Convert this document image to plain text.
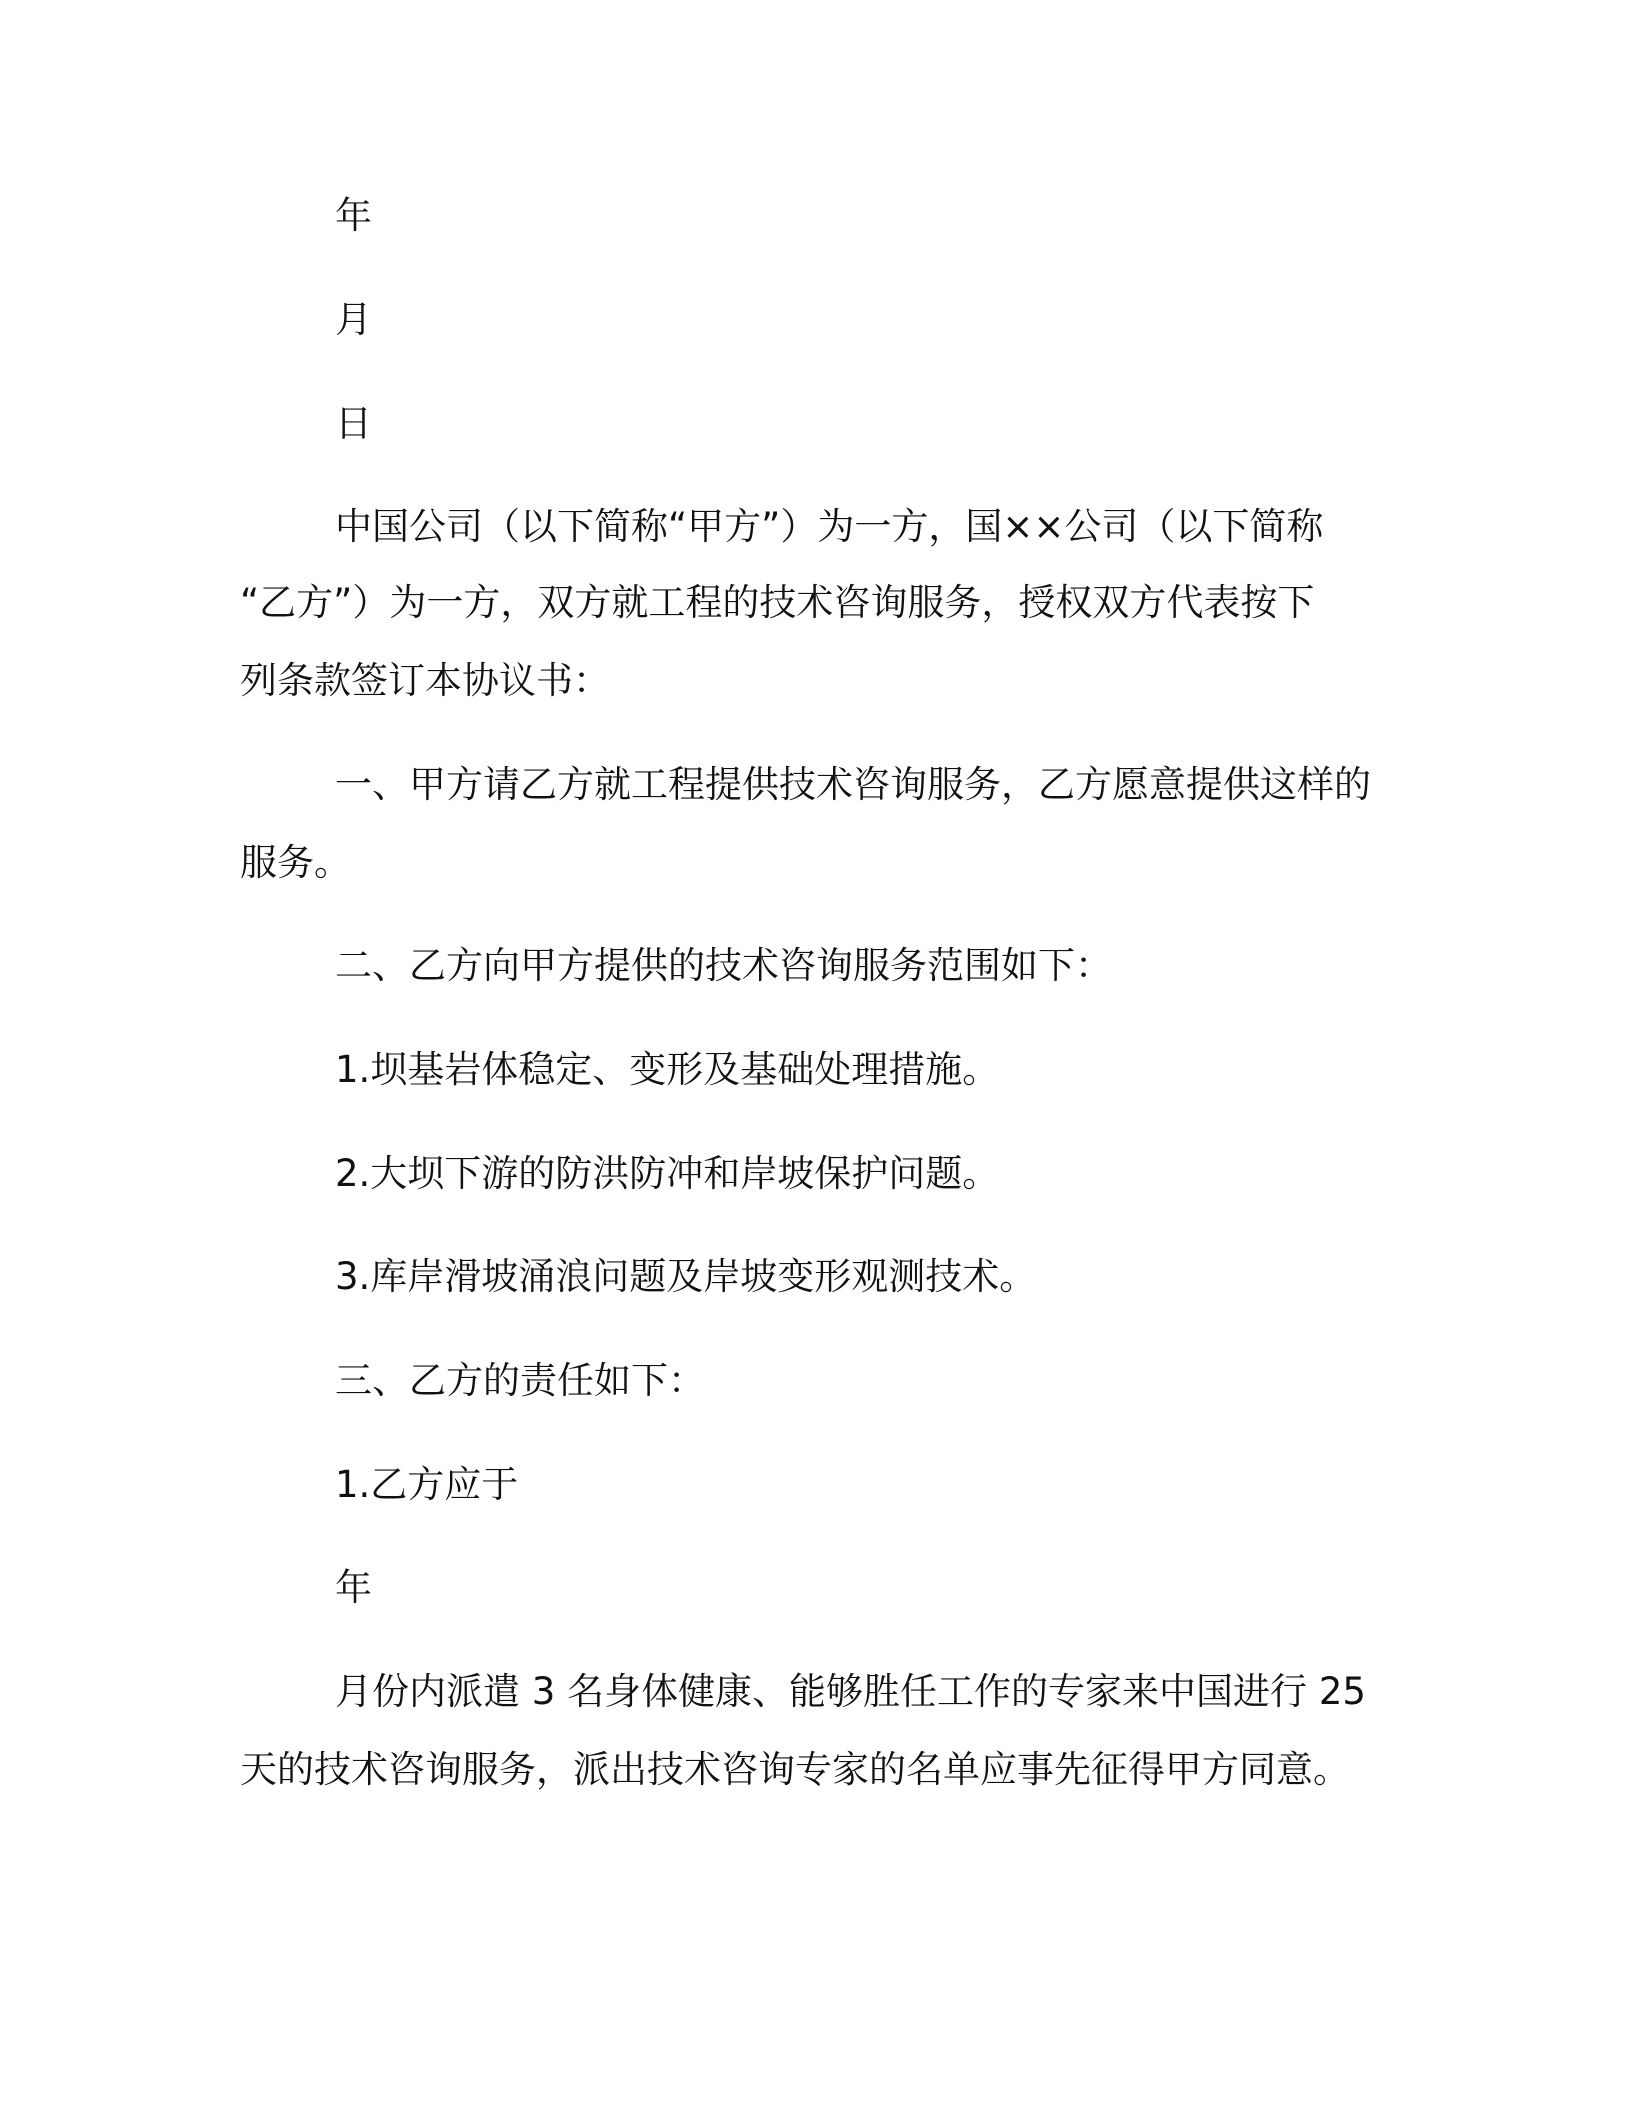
年
月
日
中国公司（以下简称“甲方”）为一方，国××公司（以下简称
“乙方”）为一方，双方就工程的技术咨询服务，授权双方代表按下
列条款签订本协议书：
一、甲方请乙方就工程提供技术咨询服务，乙方愿意提供这样的
服务。
二、乙方向甲方提供的技术咨询服务范围如下：
1.坝基岩体稳定、变形及基础处理措施。
2.大坝下游的防洪防冲和岸坡保护问题。
3.库岸滑坡涌浪问题及岸坡变形观测技术。
三、乙方的责任如下：
1.乙方应于
年
月份内派遣 3 名身体健康、能够胜任工作的专家来中国进行 25
天的技术咨询服务，派出技术咨询专家的名单应事先征得甲方同意。
